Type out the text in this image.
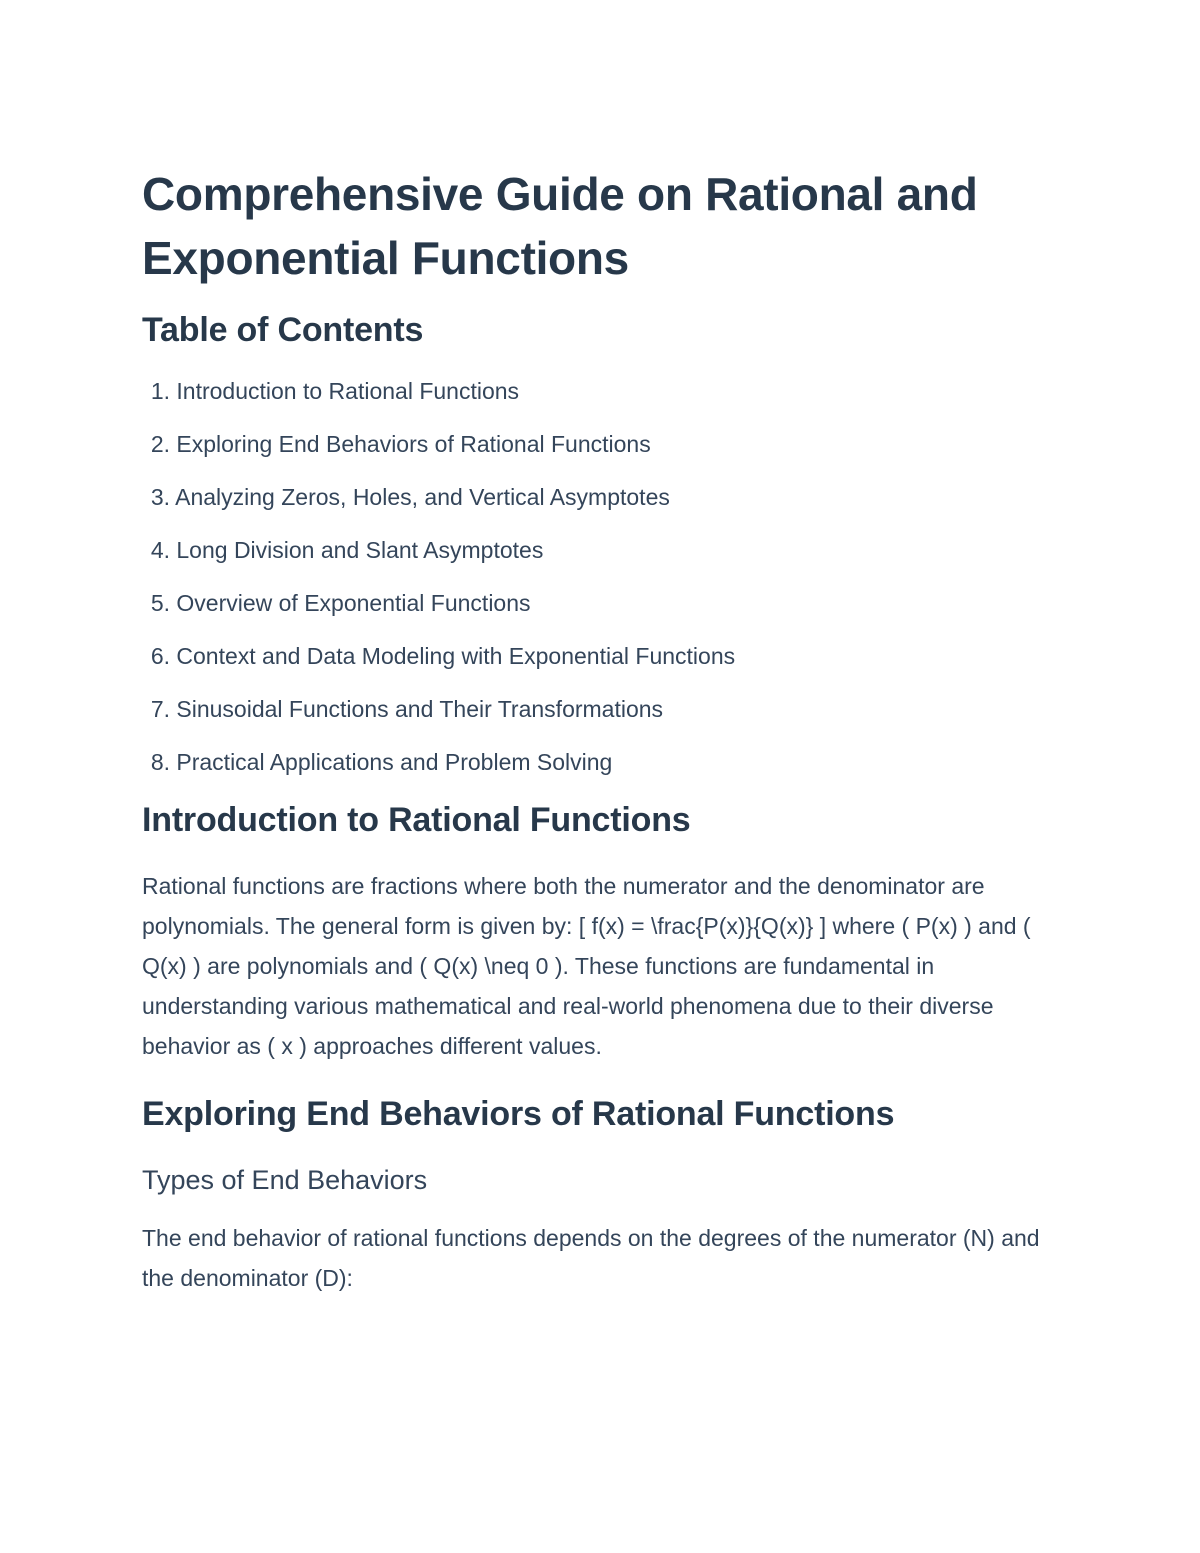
Comprehensive Guide on Rational and Exponential Functions
Table of Contents
1. Introduction to Rational Functions
2. Exploring End Behaviors of Rational Functions
3. Analyzing Zeros, Holes, and Vertical Asymptotes
4. Long Division and Slant Asymptotes
5. Overview of Exponential Functions
6. Context and Data Modeling with Exponential Functions
7. Sinusoidal Functions and Their Transformations
8. Practical Applications and Problem Solving
Introduction to Rational Functions

Rational functions are fractions where both the numerator and the denominator are polynomials. The general form is given by: [ f(x) = \frac{P(x)}{Q(x)} ] where ( P(x) ) and ( Q(x) ) are polynomials and ( Q(x) \neq 0 ). These functions are fundamental in understanding various mathematical and real-world phenomena due to their diverse behavior as ( x ) approaches different values.

Exploring End Behaviors of Rational Functions
Types of End Behaviors

The end behavior of rational functions depends on the degrees of the numerator (N) and the denominator (D):
